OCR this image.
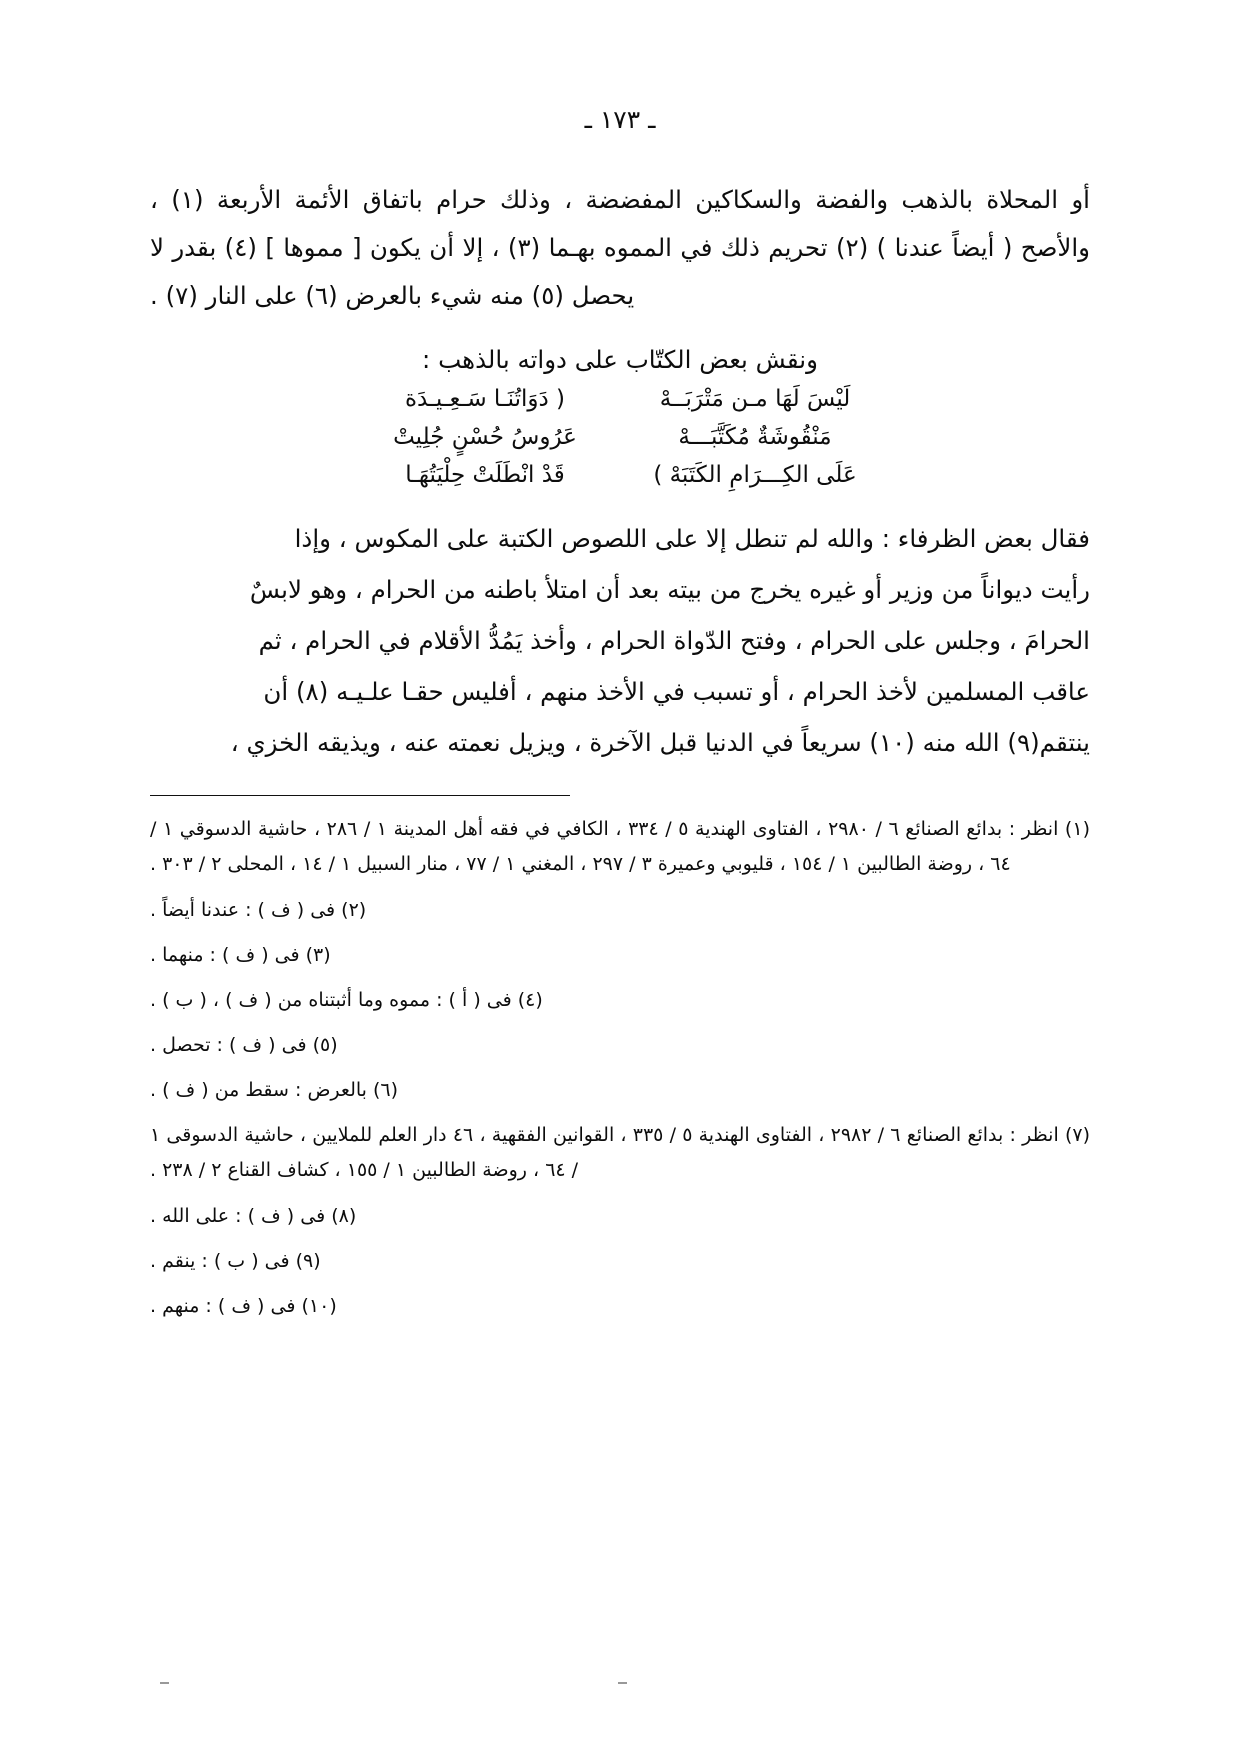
ـ ١٧٣ ـ

أو المحلاة بالذهب والفضة والسكاكين المفضضة ، وذلك حرام باتفاق الأئمة الأربعة (١) ، والأصح ( أيضاً عندنا ) (٢) تحريم ذلك في المموه بهـما (٣) ، إلا أن يكون [ مموها ] (٤) بقدر لا يحصل (٥) منه شيء بالعرض (٦) على النار (٧) .

ونقش بعض الكتّاب على دواته بالذهب :
لَيْسَ لَهَا مـن مَتْرَبَــهْ
( دَوَاتُنَـا سَـعِـيـدَة
مَنْقُوشَةٌ مُكَتَّبَـــهْ
عَرُوسُ حُسْنٍ جُلِيتْ
عَلَى الكِـــرَامِ الكَتَبَهْ )
قَدْ انْطَلَتْ حِلْيَتُهَـا

فقال بعض الظرفاء : والله لم تنطل إلا على اللصوص الكتبة على المكوس ، وإذا

رأيت ديواناً من وزير أو غيره يخرج من بيته بعد أن امتلأ باطنه من الحرام ، وهو لابسٌ

الحرامَ ، وجلس على الحرام ، وفتح الدّواة الحرام ، وأخذ يَمُدُّ الأقلام في الحرام ، ثم

عاقب المسلمين لأخذ الحرام ، أو تسبب في الأخذ منهم ، أفليس حقـا علـيـه (٨) أن

ينتقم(٩) الله منه (١٠) سريعاً في الدنيا قبل الآخرة ، ويزيل نعمته عنه ، ويذيقه الخزي ،

(١) انظر : بدائع الصنائع ٦ / ٢٩٨٠ ، الفتاوى الهندية ٥ / ٣٣٤ ، الكافي في فقه أهل المدينة ١ / ٢٨٦ ، حاشية الدسوقي ١ / ٦٤ ، روضة الطالبين ١ / ١٥٤ ، قليوبي وعميرة ٣ / ٢٩٧ ، المغني ١ / ٧٧ ، منار السبيل ١ / ١٤ ، المحلى ٢ / ٣٠٣ .

(٢) فى ( ف ) : عندنا أيضاً .

(٣) فى ( ف ) : منهما .

(٤) فى ( أ ) : مموه وما أثبتناه من ( ف ) ، ( ب ) .

(٥) فى ( ف ) : تحصل .

(٦) بالعرض : سقط من ( ف ) .

(٧) انظر : بدائع الصنائع ٦ / ٢٩٨٢ ، الفتاوى الهندية ٥ / ٣٣٥ ، القوانين الفقهية ، ٤٦ دار العلم للملايين ، حاشية الدسوقى ١ / ٦٤ ، روضة الطالبين ١ / ١٥٥ ، كشاف القناع ٢ / ٢٣٨ .

(٨) فى ( ف ) : على الله .

(٩) فى ( ب ) : ينقم .

(١٠) فى ( ف ) : منهم .
